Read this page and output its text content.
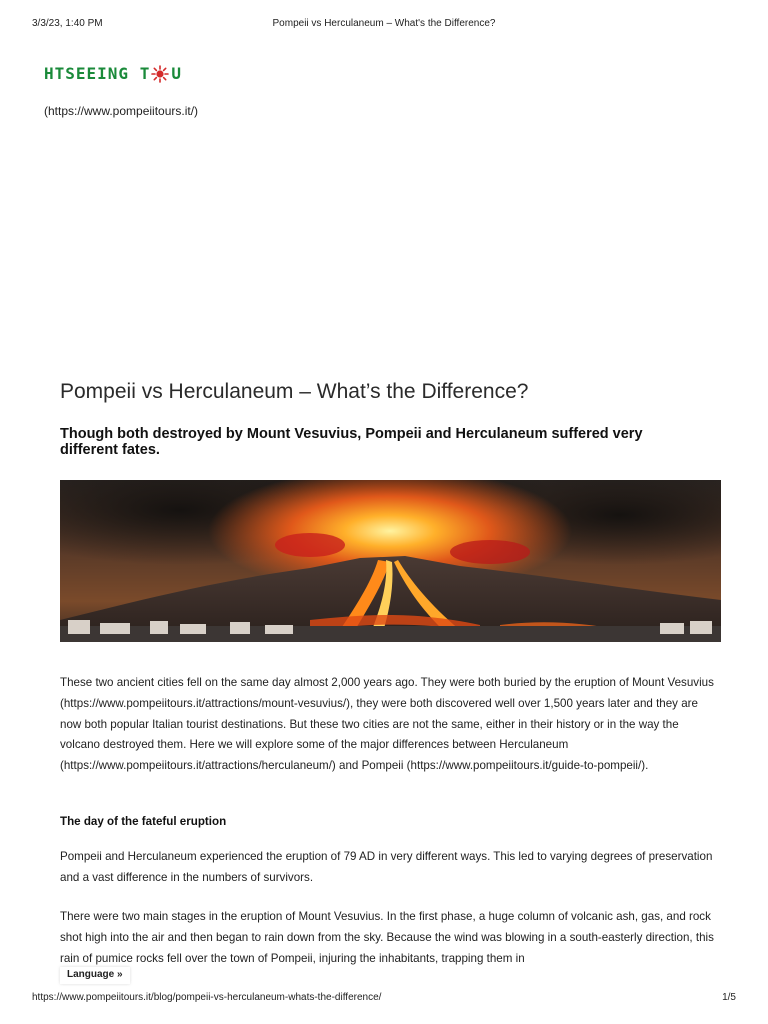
3/3/23, 1:40 PM	Pompeii vs Herculaneum – What's the Difference?
HTSEEING T U
(https://www.pompeiitours.it/)
Pompeii vs Herculaneum – What’s the Difference?
Though both destroyed by Mount Vesuvius, Pompeii and Herculaneum suffered very different fates.

These two ancient cities fell on the same day almost 2,000 years ago. They were both buried by the eruption of Mount Vesuvius (https://www.pompeiitours.it/attractions/mount-vesuvius/), they were both discovered well over 1,500 years later and they are now both popular Italian tourist destinations. But these two cities are not the same, either in their history or in the way the volcano destroyed them. Here we will explore some of the major differences between Herculaneum (https://www.pompeiitours.it/attractions/herculaneum/) and Pompeii (https://www.pompeiitours.it/guide-to-pompeii/).

The day of the fateful eruption

Pompeii and Herculaneum experienced the eruption of 79 AD in very different ways. This led to varying degrees of preservation and a vast difference in the numbers of survivors.

There were two main stages in the eruption of Mount Vesuvius. In the first phase, a huge column of volcanic ash, gas, and rock shot high into the air and then began to rain down from the sky. Because the wind was blowing in a south-easterly direction, this rain of pumice rocks fell over the town of Pompeii, injuring the inhabitants, trapping them in

Language »
https://www.pompeiitours.it/blog/pompeii-vs-herculaneum-whats-the-difference/	1/5
